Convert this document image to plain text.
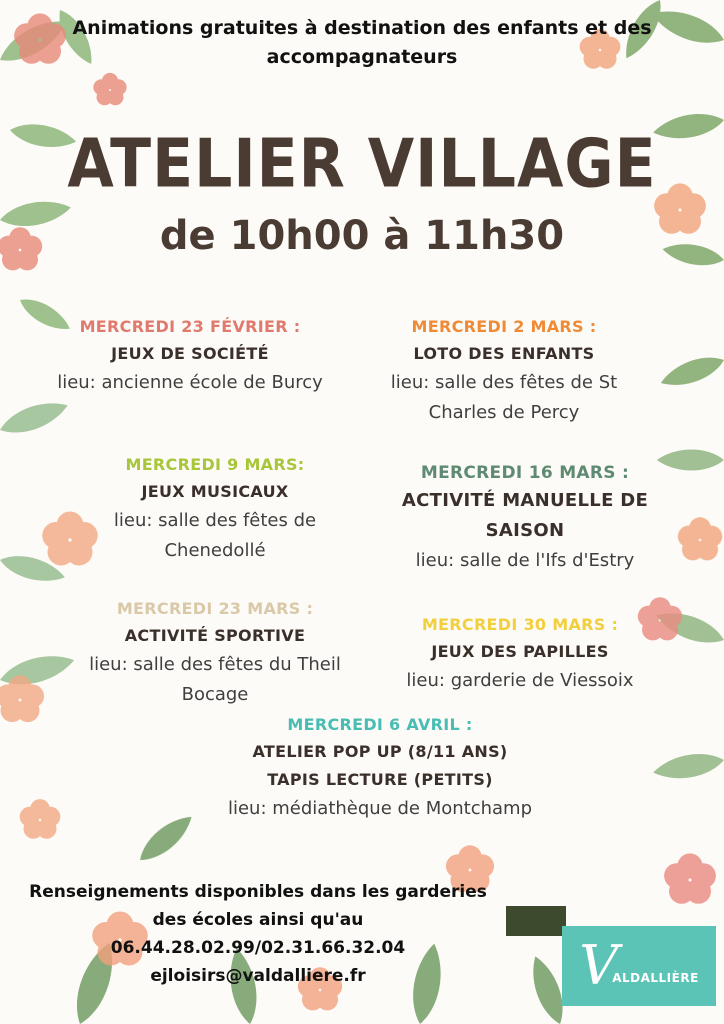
Animations gratuites à destination des enfants et des accompagnateurs
ATELIER VILLAGE
de 10h00 à 11h30
MERCREDI 23 FÉVRIER :
JEUX DE SOCIÉTÉ
lieu: ancienne école de Burcy
MERCREDI 2 MARS :
LOTO DES ENFANTS
lieu: salle des fêtes de St Charles de Percy
MERCREDI 9 MARS:
JEUX MUSICAUX
lieu: salle des fêtes de Chenedollé
MERCREDI 16 MARS :
ACTIVITÉ MANUELLE DE SAISON
lieu: salle de l'Ifs d'Estry
MERCREDI 23 MARS :
ACTIVITÉ SPORTIVE
lieu: salle des fêtes du Theil Bocage
MERCREDI 30 MARS :
JEUX DES PAPILLES
lieu: garderie de Viessoix
MERCREDI 6 AVRIL :
ATELIER POP UP (8/11 ANS)
TAPIS LECTURE (PETITS)
lieu: médiathèque de Montchamp
Renseignements disponibles dans les garderies
des écoles ainsi qu'au
06.44.28.02.99/02.31.66.32.04
ejloisirs@valdalliere.fr	V
ALDALLIÈRE
